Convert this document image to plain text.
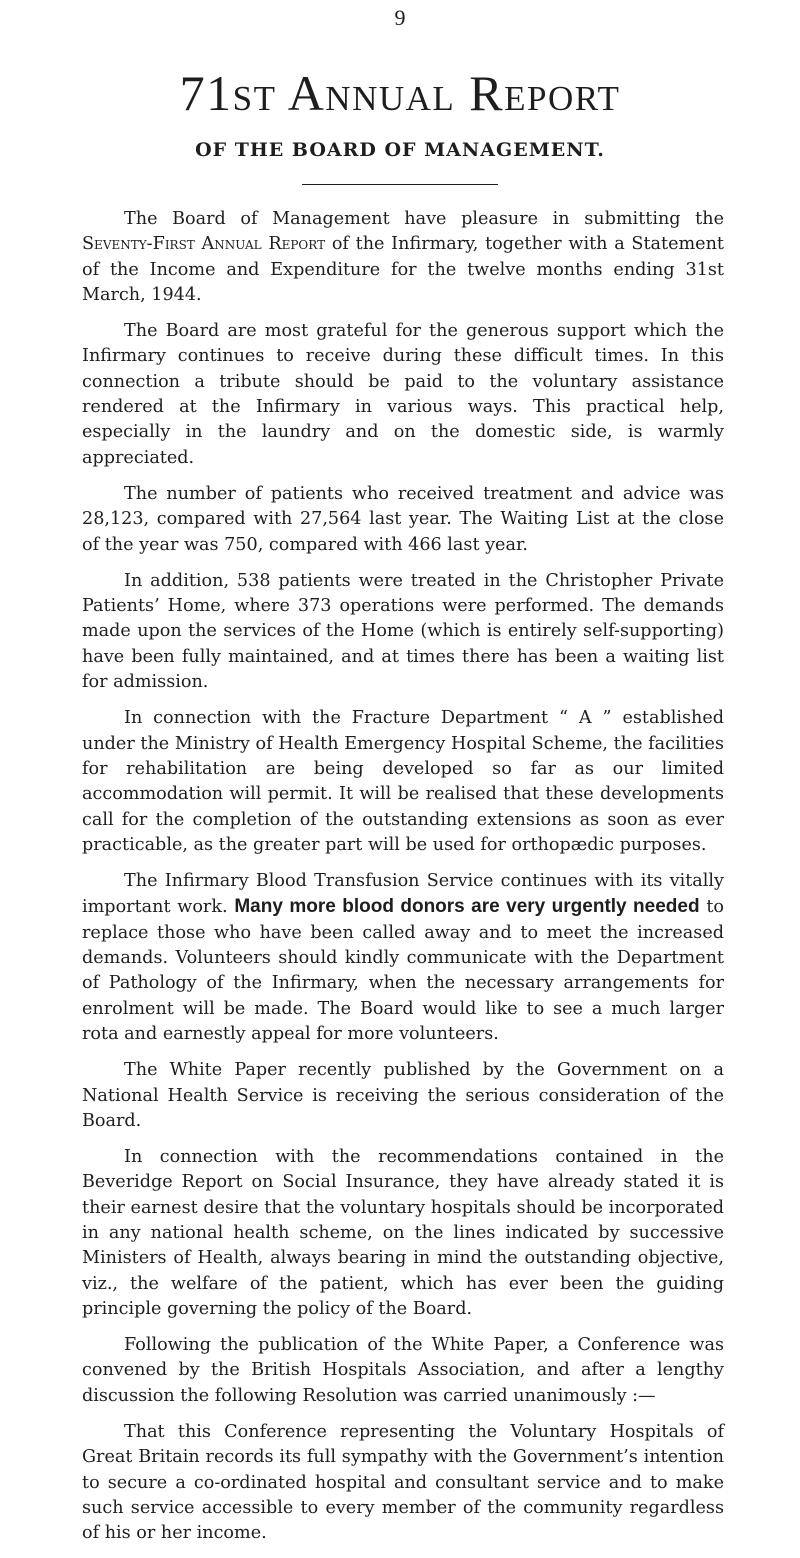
9
71st Annual Report
OF THE BOARD OF MANAGEMENT.

The Board of Management have pleasure in submitting the Seventy-First Annual Report of the Infirmary, together with a Statement of the Income and Expenditure for the twelve months ending 31st March, 1944.

The Board are most grateful for the generous support which the Infirmary continues to receive during these difficult times. In this connection a tribute should be paid to the voluntary assistance rendered at the Infirmary in various ways. This practical help, especially in the laundry and on the domestic side, is warmly appreciated.

The number of patients who received treatment and advice was 28,123, compared with 27,564 last year. The Waiting List at the close of the year was 750, compared with 466 last year.

In addition, 538 patients were treated in the Christopher Private Patients’ Home, where 373 operations were performed. The demands made upon the services of the Home (which is entirely self-supporting) have been fully maintained, and at times there has been a waiting list for admission.

In connection with the Fracture Department “ A ” established under the Ministry of Health Emergency Hospital Scheme, the facilities for rehabilitation are being developed so far as our limited accommodation will permit. It will be realised that these developments call for the completion of the outstanding extensions as soon as ever practicable, as the greater part will be used for orthopædic purposes.

The Infirmary Blood Transfusion Service continues with its vitally important work. Many more blood donors are very urgently needed to replace those who have been called away and to meet the increased demands. Volunteers should kindly communicate with the Department of Pathology of the Infirmary, when the necessary arrangements for enrolment will be made. The Board would like to see a much larger rota and earnestly appeal for more volunteers.

The White Paper recently published by the Government on a National Health Service is receiving the serious consideration of the Board.

In connection with the recommendations contained in the Beveridge Report on Social Insurance, they have already stated it is their earnest desire that the voluntary hospitals should be incorporated in any national health scheme, on the lines indicated by successive Ministers of Health, always bearing in mind the outstanding objective, viz., the welfare of the patient, which has ever been the guiding principle governing the policy of the Board.

Following the publication of the White Paper, a Conference was convened by the British Hospitals Association, and after a lengthy discussion the following Resolution was carried unanimously :—

That this Conference representing the Voluntary Hospitals of Great Britain records its full sympathy with the Government’s intention to secure a co-ordinated hospital and consultant service and to make such service accessible to every member of the community regardless of his or her income.
